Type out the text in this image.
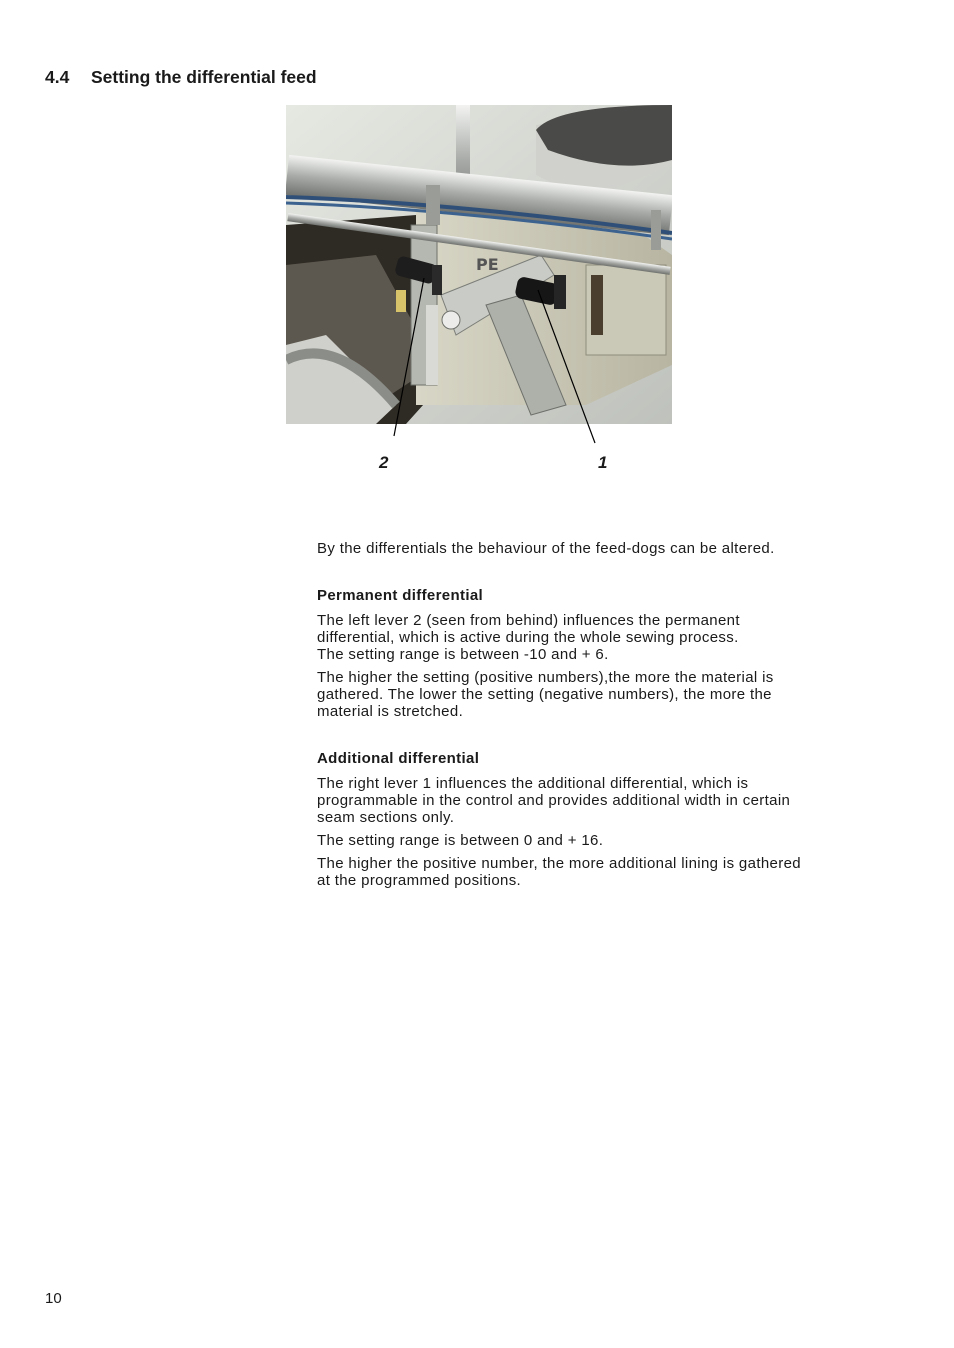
4.4 Setting the differential feed
PE
2	1

By the differentials the behaviour of the feed-dogs can be altered.

Permanent differential

The left lever 2 (seen from behind) influences the permanent
differential, which is active during the whole sewing process.
The setting range is between -10 and + 6.

The higher the setting (positive numbers),the more the material is
gathered. The lower the setting (negative numbers), the more the
material is stretched.

Additional differential

The right lever 1 influences the additional differential, which is
programmable in the control and provides additional width in certain
seam sections only.

The setting range is between 0 and + 16.

The higher the positive number, the more additional lining is gathered
at the programmed positions.

10
